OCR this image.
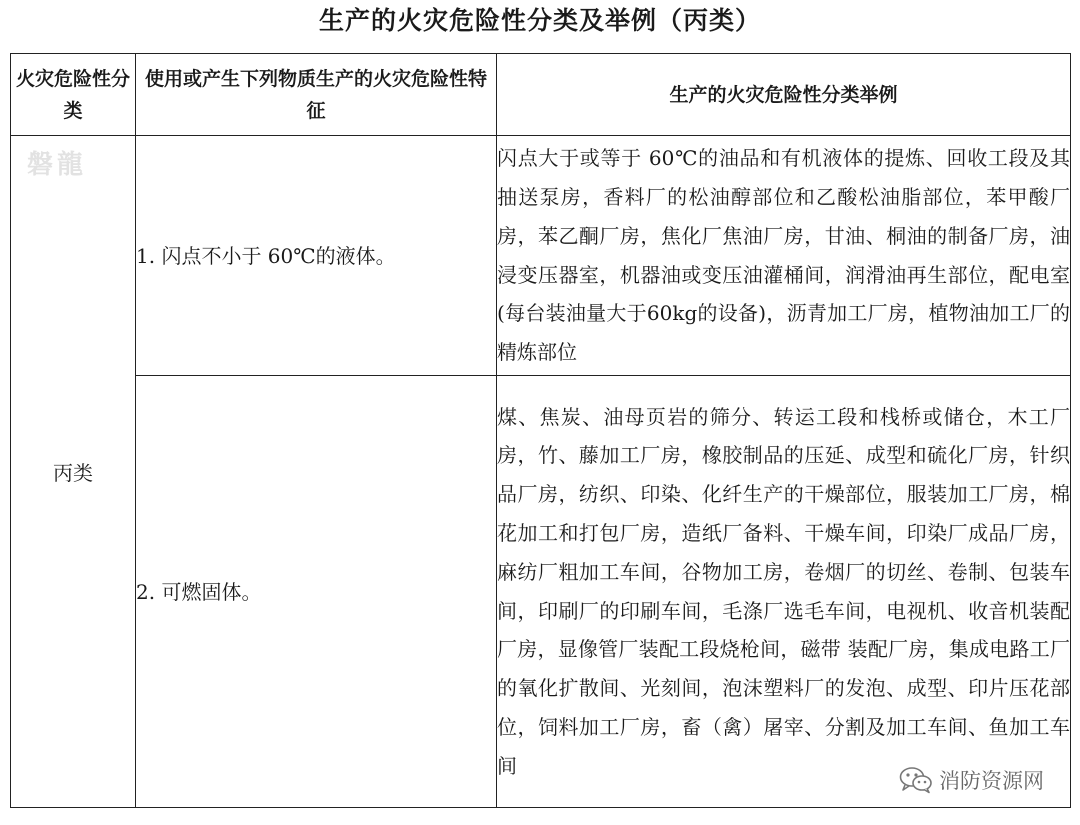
生产的火灾危险性分类及举例（丙类）
火灾危险性分类	使用或产生下列物质生产的火灾危险性特征	生产的火灾危险性分类举例

磐龍
丙类	1. 闪点不小于 60℃的液体。	闪点大于或等于 60℃的油品和有机液体的提炼、回收工段及其抽送泵房，香料厂的松油醇部位和乙酸松油脂部位，苯甲酸厂房，苯乙酮厂房，焦化厂焦油厂房，甘油、桐油的制备厂房，油浸变压器室，机器油或变压油灌桶间，润滑油再生部位，配电室(每台装油量大于60kg的设备)，沥青加工厂房，植物油加工厂的精炼部位
	2. 可燃固体。	煤、焦炭、油母页岩的筛分、转运工段和栈桥或储仓，木工厂房，竹、藤加工厂房，橡胶制品的压延、成型和硫化厂房，针织品厂房，纺织、印染、化纤生产的干燥部位，服装加工厂房，棉花加工和打包厂房，造纸厂备料、干燥车间，印染厂成品厂房，麻纺厂粗加工车间，谷物加工房，卷烟厂的切丝、卷制、包装车间，印刷厂的印刷车间，毛涤厂选毛车间，电视机、收音机装配厂房，显像管厂装配工段烧枪间，磁带 装配厂房，集成电路工厂的氧化扩散间、光刻间，泡沫塑料厂的发泡、成型、印片压花部位，饲料加工厂房，畜（禽）屠宰、分割及加工车间、鱼加工车间
消防资源网
